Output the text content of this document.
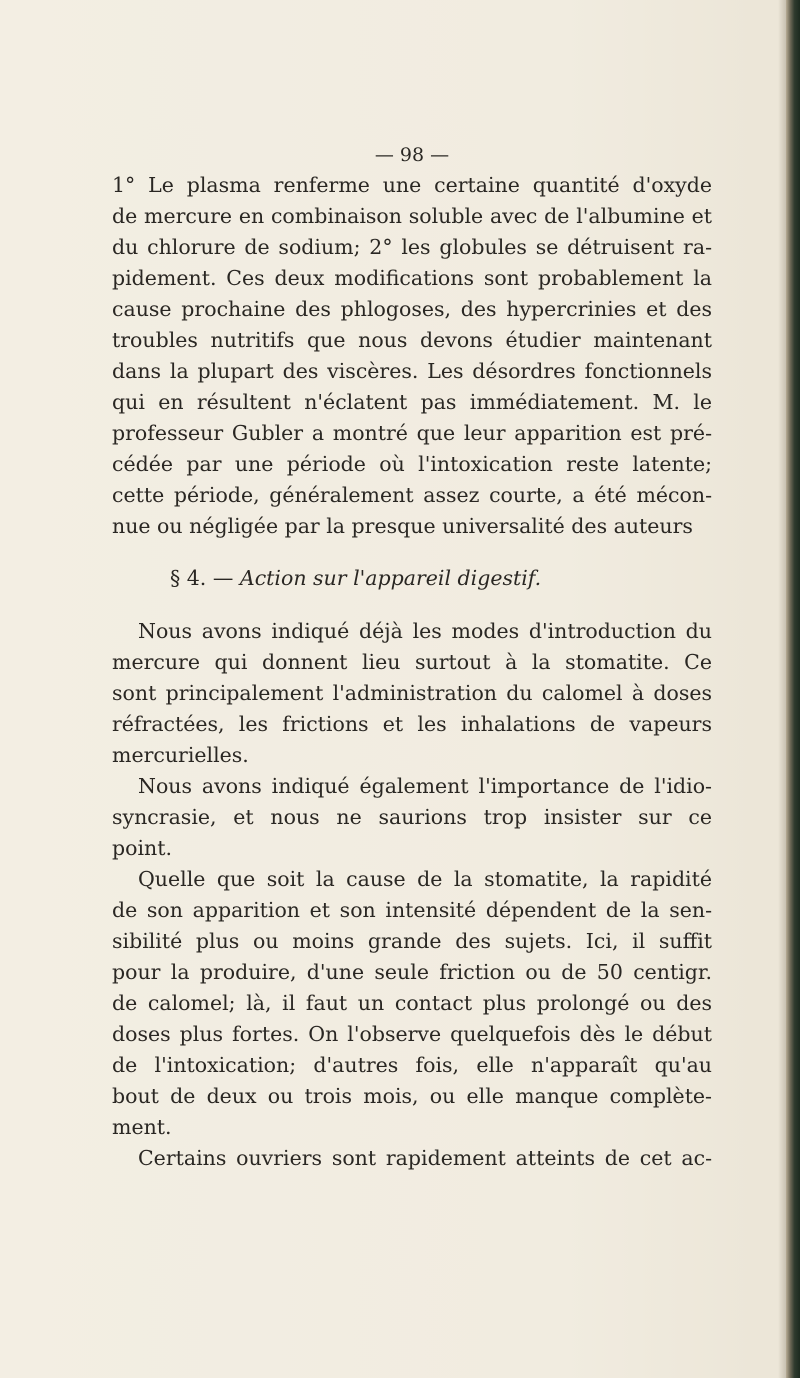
— 98 —
1° Le plasma renferme une certaine quantité d'oxyde
de mercure en combinaison soluble avec de l'albumine et
du chlorure de sodium; 2° les globules se détruisent ra-
pidement. Ces deux modifications sont probablement la
cause prochaine des phlogoses, des hypercrinies et des
troubles nutritifs que nous devons étudier maintenant
dans la plupart des viscères. Les désordres fonctionnels
qui en résultent n'éclatent pas immédiatement. M. le
professeur Gubler a montré que leur apparition est pré-
cédée par une période où l'intoxication reste latente;
cette période, généralement assez courte, a été mécon-
nue ou négligée par la presque universalité des auteurs
§ 4. — Action sur l'appareil digestif.
Nous avons indiqué déjà les modes d'introduction du
mercure qui donnent lieu surtout à la stomatite. Ce
sont principalement l'administration du calomel à doses
réfractées, les frictions et les inhalations de vapeurs
mercurielles.
Nous avons indiqué également l'importance de l'idio-
syncrasie, et nous ne saurions trop insister sur ce
point.
Quelle que soit la cause de la stomatite, la rapidité
de son apparition et son intensité dépendent de la sen-
sibilité plus ou moins grande des sujets. Ici, il suffit
pour la produire, d'une seule friction ou de 50 centigr.
de calomel; là, il faut un contact plus prolongé ou des
doses plus fortes. On l'observe quelquefois dès le début
de l'intoxication; d'autres fois, elle n'apparaît qu'au
bout de deux ou trois mois, ou elle manque complète-
ment.
Certains ouvriers sont rapidement atteints de cet ac-
